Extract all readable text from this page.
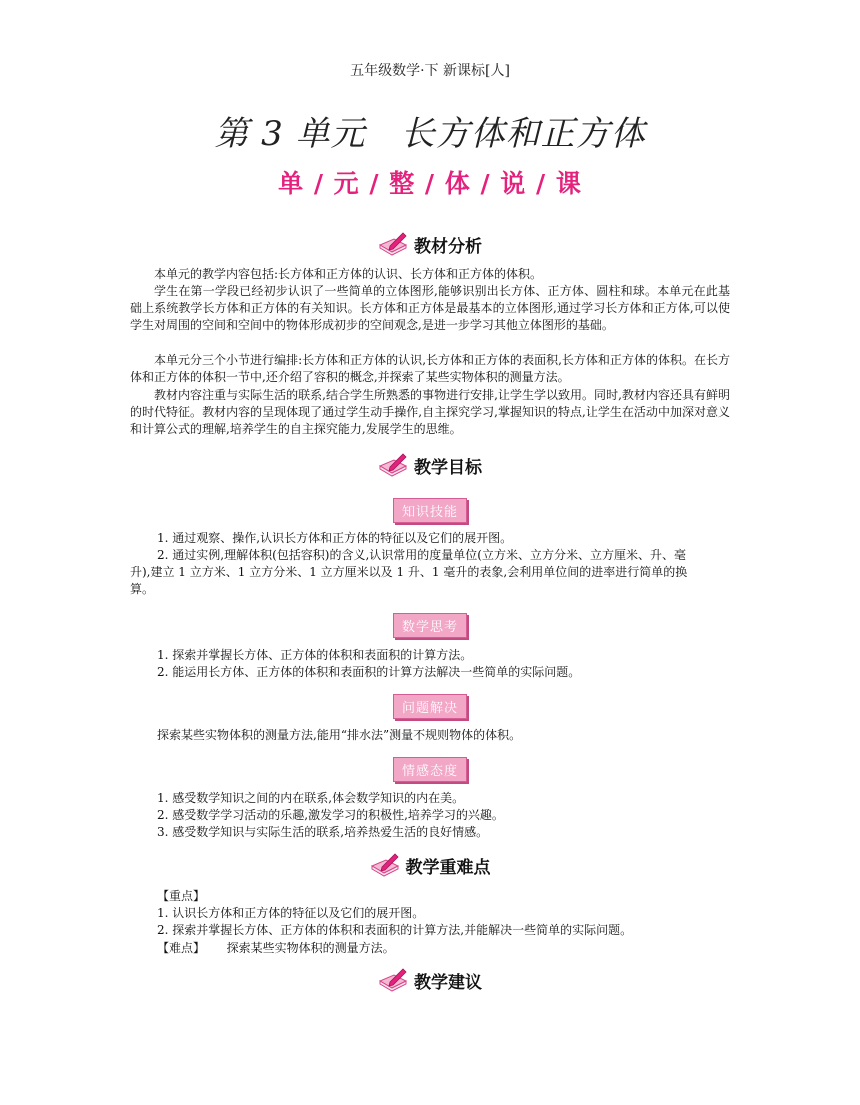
五年级数学·下 新课标[人]
第 3 单元　长方体和正方体
单 / 元 / 整 / 体 / 说 / 课
教材分析

本单元的教学内容包括:长方体和正方体的认识、长方体和正方体的体积。

学生在第一学段已经初步认识了一些简单的立体图形,能够识别出长方体、正方体、圆柱和球。本单元在此基础上系统教学长方体和正方体的有关知识。长方体和正方体是最基本的立体图形,通过学习长方体和正方体,可以使学生对周围的空间和空间中的物体形成初步的空间观念,是进一步学习其他立体图形的基础。

本单元分三个小节进行编排:长方体和正方体的认识,长方体和正方体的表面积,长方体和正方体的体积。在长方体和正方体的体积一节中,还介绍了容积的概念,并探索了某些实物体积的测量方法。

教材内容注重与实际生活的联系,结合学生所熟悉的事物进行安排,让学生学以致用。同时,教材内容还具有鲜明的时代特征。教材内容的呈现体现了通过学生动手操作,自主探究学习,掌握知识的特点,让学生在活动中加深对意义和计算公式的理解,培养学生的自主探究能力,发展学生的思维。

教学目标
知识技能
1. 通过观察、操作,认识长方体和正方体的特征以及它们的展开图。
2. 通过实例,理解体积(包括容积)的含义,认识常用的度量单位(立方米、立方分米、立方厘米、升、毫
升),建立 1 立方米、1 立方分米、1 立方厘米以及 1 升、1 毫升的表象,会利用单位间的进率进行简单的换
算。
数学思考
1. 探索并掌握长方体、正方体的体积和表面积的计算方法。
2. 能运用长方体、正方体的体积和表面积的计算方法解决一些简单的实际问题。
问题解决
探索某些实物体积的测量方法,能用“排水法”测量不规则物体的体积。
情感态度
1. 感受数学知识之间的内在联系,体会数学知识的内在美。
2. 感受数学学习活动的乐趣,激发学习的积极性,培养学习的兴趣。
3. 感受数学知识与实际生活的联系,培养热爱生活的良好情感。
教学重难点
【重点】
1. 认识长方体和正方体的特征以及它们的展开图。
2. 探索并掌握长方体、正方体的体积和表面积的计算方法,并能解决一些简单的实际问题。
【难点】 探索某些实物体积的测量方法。
教学建议
